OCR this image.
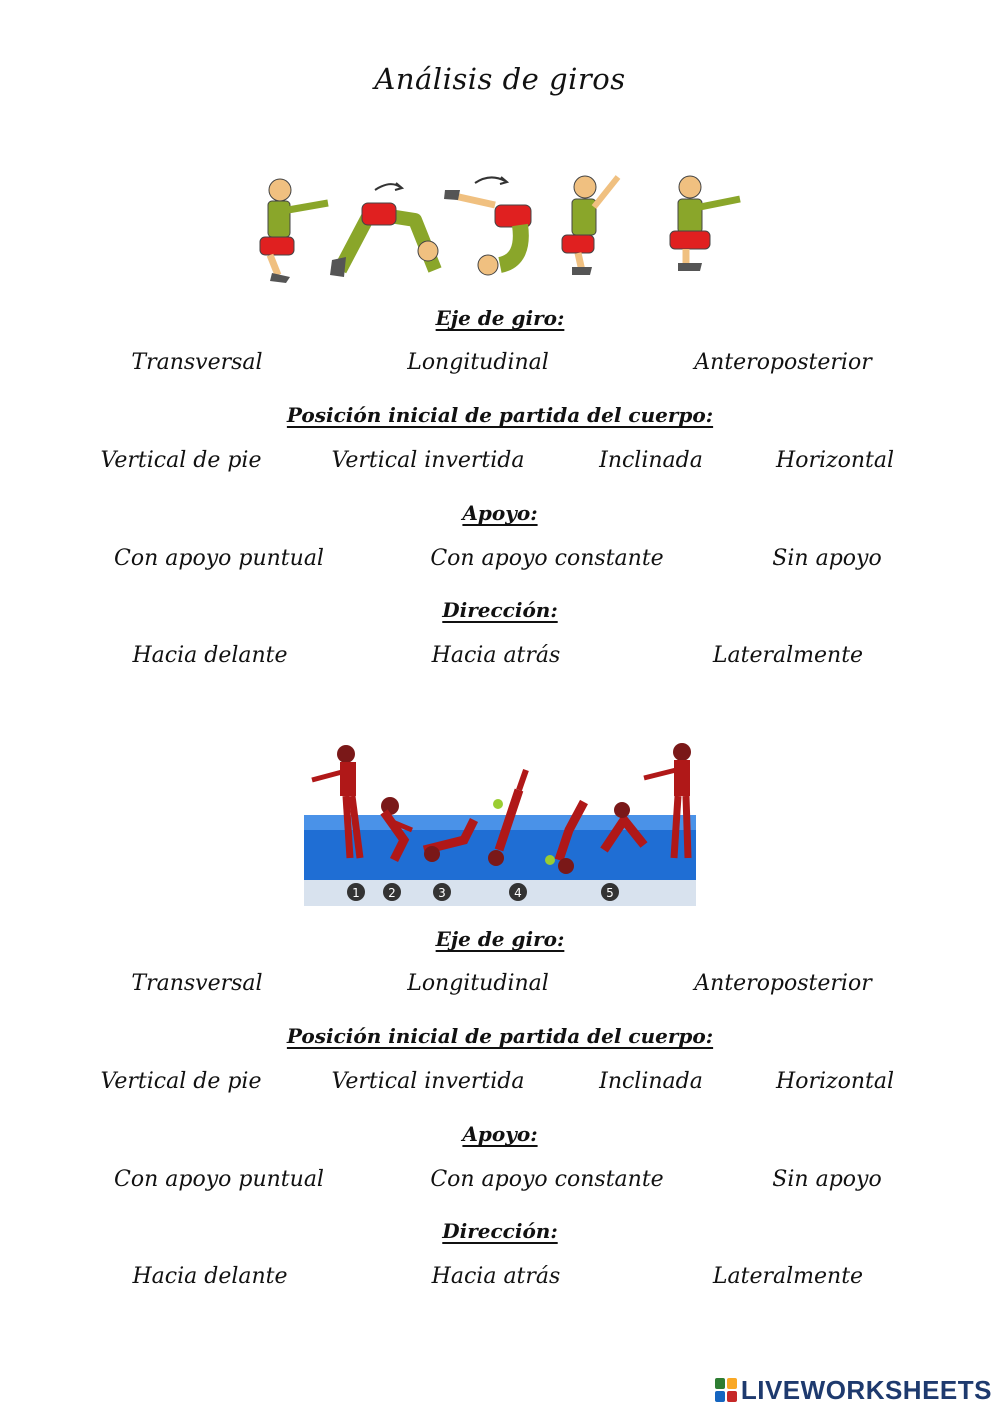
Análisis de giros
Eje de giro:
Transversal	Longitudinal	Anteroposterior
Posición inicial de partida del cuerpo:
Vertical de pie	Vertical invertida	Inclinada	Horizontal
Apoyo:
Con apoyo puntual	Con apoyo constante	Sin apoyo
Dirección:
Hacia delante	Hacia atrás	Lateralmente
1 2	3	4	5
Eje de giro:
Transversal	Longitudinal	Anteroposterior
Posición inicial de partida del cuerpo:
Vertical de pie	Vertical invertida	Inclinada	Horizontal
Apoyo:
Con apoyo puntual	Con apoyo constante	Sin apoyo
Dirección:
Hacia delante	Hacia atrás	Lateralmente
LIVEWORKSHEETS
